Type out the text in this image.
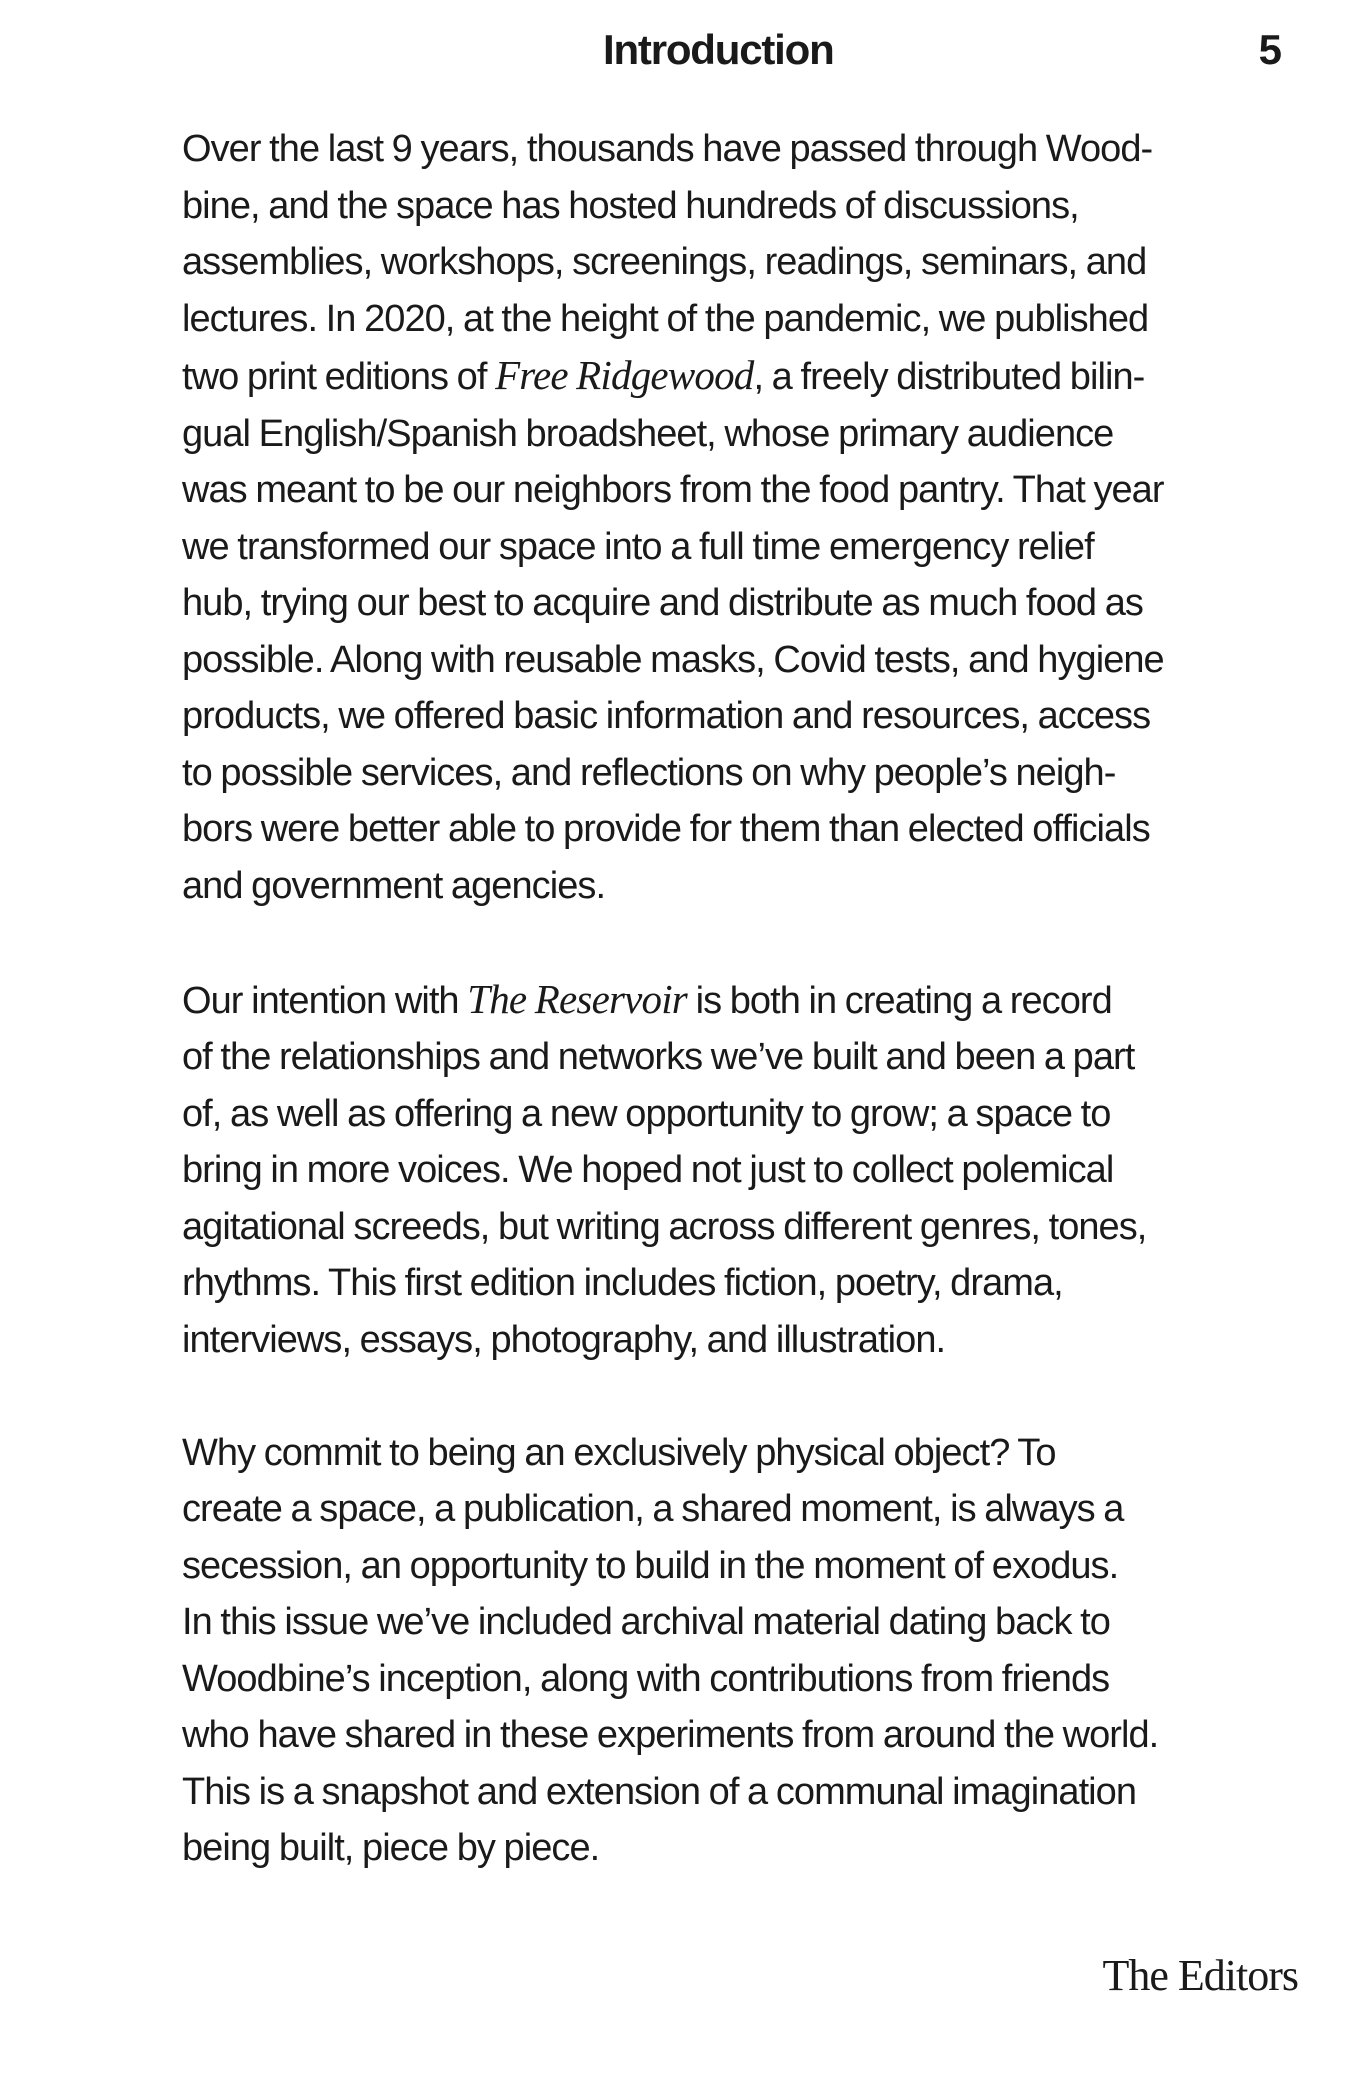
Introduction	5

Over the last 9 years, thousands have passed through Wood-
bine, and the space has hosted hundreds of discussions,
assemblies, workshops, screenings, readings, seminars, and
lectures. In 2020, at the height of the pandemic, we published
two print editions of Free Ridgewood, a freely distributed bilin-
gual English/Spanish broadsheet, whose primary audience
was meant to be our neighbors from the food pantry. That year
we transformed our space into a full time emergency relief
hub, trying our best to acquire and distribute as much food as
possible. Along with reusable masks, Covid tests, and hygiene
products, we offered basic information and resources, access
to possible services, and reflections on why people’s neigh-
bors were better able to provide for them than elected officials
and government agencies.

Our intention with The Reservoir is both in creating a record
of the relationships and networks we’ve built and been a part
of, as well as offering a new opportunity to grow; a space to
bring in more voices. We hoped not just to collect polemical
agitational screeds, but writing across different genres, tones,
rhythms. This first edition includes fiction, poetry, drama,
interviews, essays, photography, and illustration.

Why commit to being an exclusively physical object? To
create a space, a publication, a shared moment, is always a
secession, an opportunity to build in the moment of exodus.
In this issue we’ve included archival material dating back to
Woodbine’s inception, along with contributions from friends
who have shared in these experiments from around the world.
This is a snapshot and extension of a communal imagination
being built, piece by piece.

The Editors
